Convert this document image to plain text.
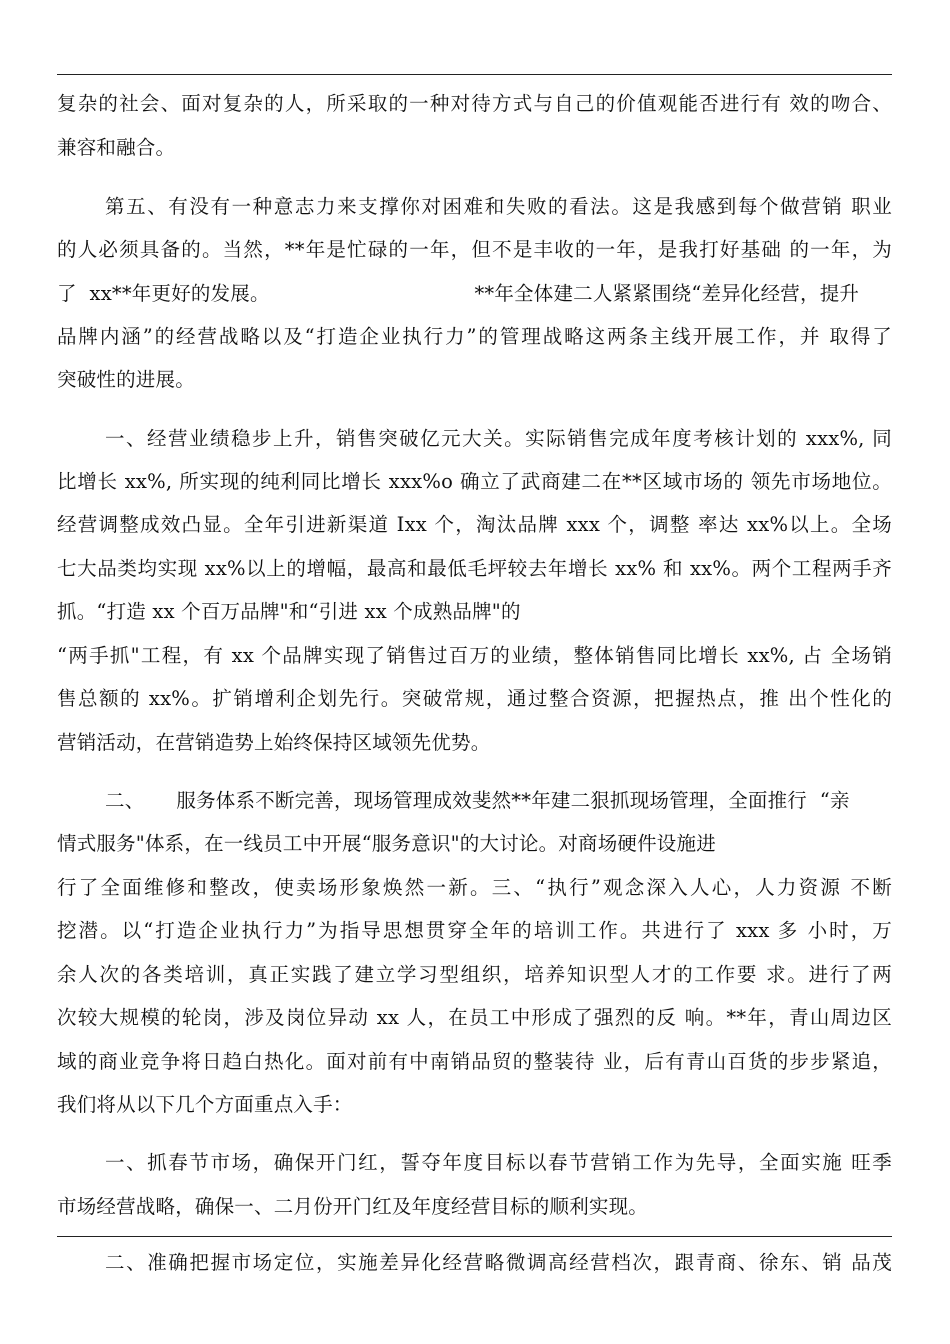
复杂的社会、面对复杂的人，所采取的一种对待方式与自己的价值观能否进行有 效的吻合、
兼容和融合。
第五、有没有一种意志力来支撑你对困难和失败的看法。这是我感到每个做营销 职业
的人必须具备的。当然，**年是忙碌的一年，但不是丰收的一年，是我打好基础 的一年，为
了  xx**年更好的发展。                                **年全体建二人紧紧围绕“差异化经营，提升
品牌内涵”的经营战略以及“打造企业执行力”的管理战略这两条主线开展工作，并 取得了
突破性的进展。
一、经营业绩稳步上升，销售突破亿元大关。实际销售完成年度考核计划的 xxx%, 同
比增长 xx%, 所实现的纯利同比增长 xxx%o 确立了武商建二在**区域市场的 领先市场地位。
经营调整成效凸显。全年引进新渠道 Ixx 个，淘汰品牌 xxx 个，调整 率达 xx%以上。全场
七大品类均实现 xx%以上的增幅，最高和最低毛坪较去年增长 xx% 和 xx%。两个工程两手齐
抓。“打造 xx 个百万品牌"和“引进 xx 个成熟品牌"的
“两手抓"工程，有 xx 个品牌实现了销售过百万的业绩，整体销售同比增长 xx%, 占 全场销
售总额的 xx%。扩销增利企划先行。突破常规，通过整合资源，把握热点，推 出个性化的
营销活动，在营销造势上始终保持区域领先优势。
二、     服务体系不断完善，现场管理成效斐然**年建二狠抓现场管理，全面推行  “亲
情式服务"体系，在一线员工中开展“服务意识"的大讨论。对商场硬件设施进
行了全面维修和整改，使卖场形象焕然一新。三、“执行”观念深入人心，人力资源 不断
挖潜。以“打造企业执行力”为指导思想贯穿全年的培训工作。共进行了 xxx 多 小时，万
余人次的各类培训，真正实践了建立学习型组织，培养知识型人才的工作要 求。进行了两
次较大规模的轮岗，涉及岗位异动 xx 人，在员工中形成了强烈的反 响。**年，青山周边区
域的商业竞争将日趋白热化。面对前有中南销品贸的整装待 业，后有青山百货的步步紧追，
我们将从以下几个方面重点入手：
一、抓春节市场，确保开门红，誓夺年度目标以春节营销工作为先导，全面实施 旺季
市场经营战略，确保一、二月份开门红及年度经营目标的顺利实现。
二、准确把握市场定位，实施差异化经营略微调高经营档次，跟青商、徐东、销 品茂
